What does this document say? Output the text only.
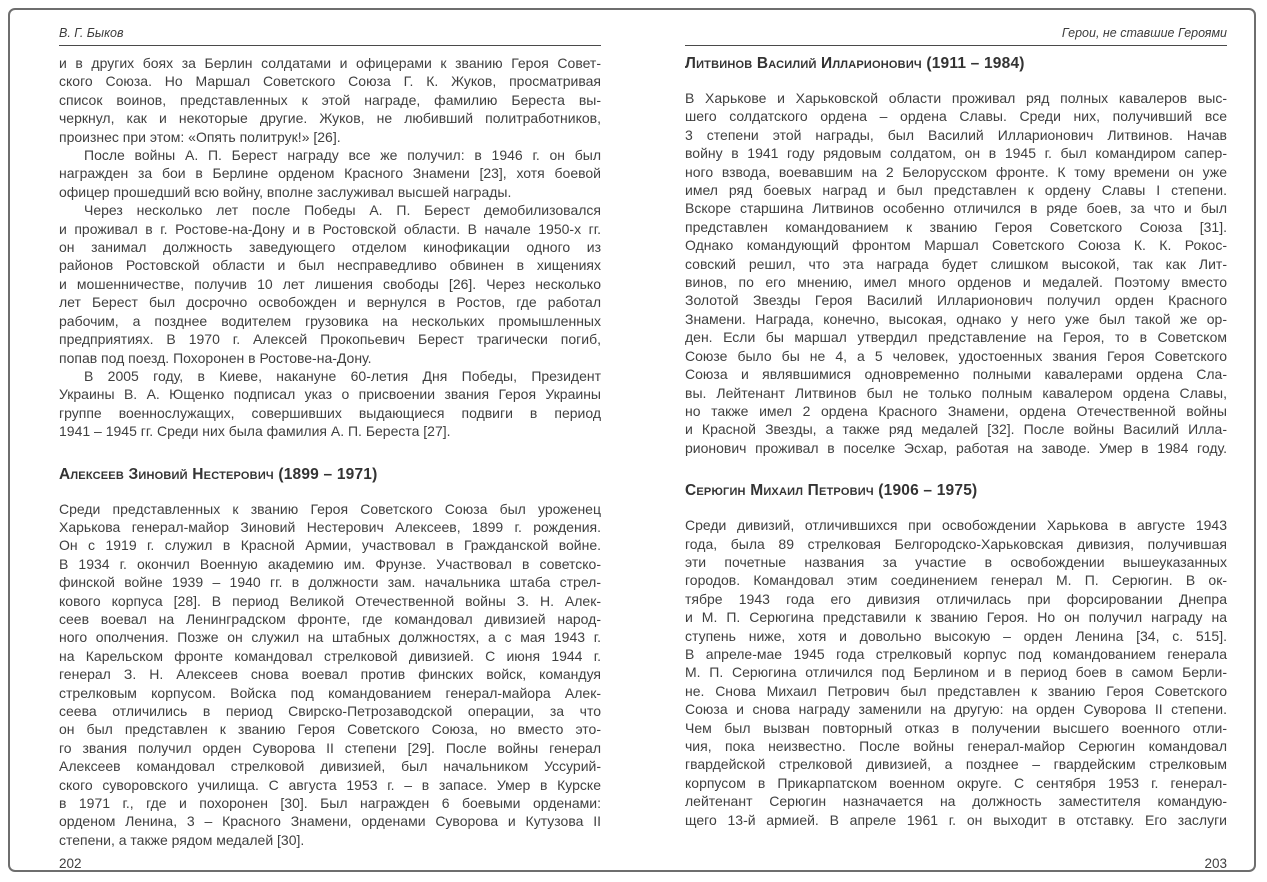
В. Г. Быков
и в других боях за Берлин солдатами и офицерами к званию Героя Совет-
ского Союза. Но Маршал Советского Союза Г. К. Жуков, просматривая
список воинов, представленных к этой награде, фамилию Береста вы-
черкнул, как и некоторые другие. Жуков, не любивший политработников,
произнес при этом: «Опять политрук!» [26].
После войны А. П. Берест награду все же получил: в 1946 г. он был
награжден за бои в Берлине орденом Красного Знамени [23], хотя боевой
офицер прошедший всю войну, вполне заслуживал высшей награды.
Через несколько лет после Победы А. П. Берест демобилизовался
и проживал в г. Ростове-на-Дону и в Ростовской области. В начале 1950-х гг.
он занимал должность заведующего отделом кинофикации одного из
районов Ростовской области и был несправедливо обвинен в хищениях
и мошенничестве, получив 10 лет лишения свободы [26]. Через несколько
лет Берест был досрочно освобожден и вернулся в Ростов, где работал
рабочим, а позднее водителем грузовика на нескольких промышленных
предприятиях. В 1970 г. Алексей Прокопьевич Берест трагически погиб,
попав под поезд. Похоронен в Ростове-на-Дону.
В 2005 году, в Киеве, накануне 60-летия Дня Победы, Президент
Украины В. А. Ющенко подписал указ о присвоении звания Героя Украины
группе военнослужащих, совершивших выдающиеся подвиги в период
1941 – 1945 гг. Среди них была фамилия А. П. Береста [27].
Алексеев Зиновий Нестерович (1899 – 1971)
Среди представленных к званию Героя Советского Союза был уроженец
Харькова генерал-майор Зиновий Нестерович Алексеев, 1899 г. рождения.
Он с 1919 г. служил в Красной Армии, участвовал в Гражданской войне.
В 1934 г. окончил Военную академию им. Фрунзе. Участвовал в советско-
финской войне 1939 – 1940 гг. в должности зам. начальника штаба стрел-
кового корпуса [28]. В период Великой Отечественной войны З. Н. Алек-
сеев воевал на Ленинградском фронте, где командовал дивизией народ-
ного ополчения. Позже он служил на штабных должностях, а с мая 1943 г.
на Карельском фронте командовал стрелковой дивизией. С июня 1944 г.
генерал З. Н. Алексеев снова воевал против финских войск, командуя
стрелковым корпусом. Войска под командованием генерал-майора Алек-
сеева отличились в период Свирско-Петрозаводской операции, за что
он был представлен к званию Героя Советского Союза, но вместо это-
го звания получил орден Суворова II степени [29]. После войны генерал
Алексеев командовал стрелковой дивизией, был начальником Уссурий-
ского суворовского училища. С августа 1953 г. – в запасе. Умер в Курске
в 1971 г., где и похоронен [30]. Был награжден 6 боевыми орденами:
орденом Ленина, 3 – Красного Знамени, орденами Суворова и Кутузова II
степени, а также рядом медалей [30].
202
Герои, не ставшие Героями
Литвинов Василий Илларионович (1911 – 1984)
В Харькове и Харьковской области проживал ряд полных кавалеров выс-
шего солдатского ордена – ордена Славы. Среди них, получивший все
3 степени этой награды, был Василий Илларионович Литвинов. Начав
войну в 1941 году рядовым солдатом, он в 1945 г. был командиром сапер-
ного взвода, воевавшим на 2 Белорусском фронте. К тому времени он уже
имел ряд боевых наград и был представлен к ордену Славы I степени.
Вскоре старшина Литвинов особенно отличился в ряде боев, за что и был
представлен командованием к званию Героя Советского Союза [31].
Однако командующий фронтом Маршал Советского Союза К. К. Рокос-
совский решил, что эта награда будет слишком высокой, так как Лит-
винов, по его мнению, имел много орденов и медалей. Поэтому вместо
Золотой Звезды Героя Василий Илларионович получил орден Красного
Знамени. Награда, конечно, высокая, однако у него уже был такой же ор-
ден. Если бы маршал утвердил представление на Героя, то в Советском
Союзе было бы не 4, а 5 человек, удостоенных звания Героя Советского
Союза и являвшимися одновременно полными кавалерами ордена Сла-
вы. Лейтенант Литвинов был не только полным кавалером ордена Славы,
но также имел 2 ордена Красного Знамени, ордена Отечественной войны
и Красной Звезды, а также ряд медалей [32]. После войны Василий Илла-
рионович проживал в поселке Эсхар, работая на заводе. Умер в 1984 году.
Серюгин Михаил Петрович (1906 – 1975)
Среди дивизий, отличившихся при освобождении Харькова в августе 1943
года, была 89 стрелковая Белгородско-Харьковская дивизия, получившая
эти почетные названия за участие в освобождении вышеуказанных
городов. Командовал этим соединением генерал М. П. Серюгин. В ок-
тябре 1943 года его дивизия отличилась при форсировании Днепра
и М. П. Серюгина представили к званию Героя. Но он получил награду на
ступень ниже, хотя и довольно высокую – орден Ленина [34, с. 515].
В апреле-мае 1945 года стрелковый корпус под командованием генерала
М. П. Серюгина отличился под Берлином и в период боев в самом Берли-
не. Снова Михаил Петрович был представлен к званию Героя Советского
Союза и снова награду заменили на другую: на орден Суворова II степени.
Чем был вызван повторный отказ в получении высшего военного отли-
чия, пока неизвестно. После войны генерал-майор Серюгин командовал
гвардейской стрелковой дивизией, а позднее – гвардейским стрелковым
корпусом в Прикарпатском военном округе. С сентября 1953 г. генерал-
лейтенант Серюгин назначается на должность заместителя командую-
щего 13-й армией. В апреле 1961 г. он выходит в отставку. Его заслуги
203
